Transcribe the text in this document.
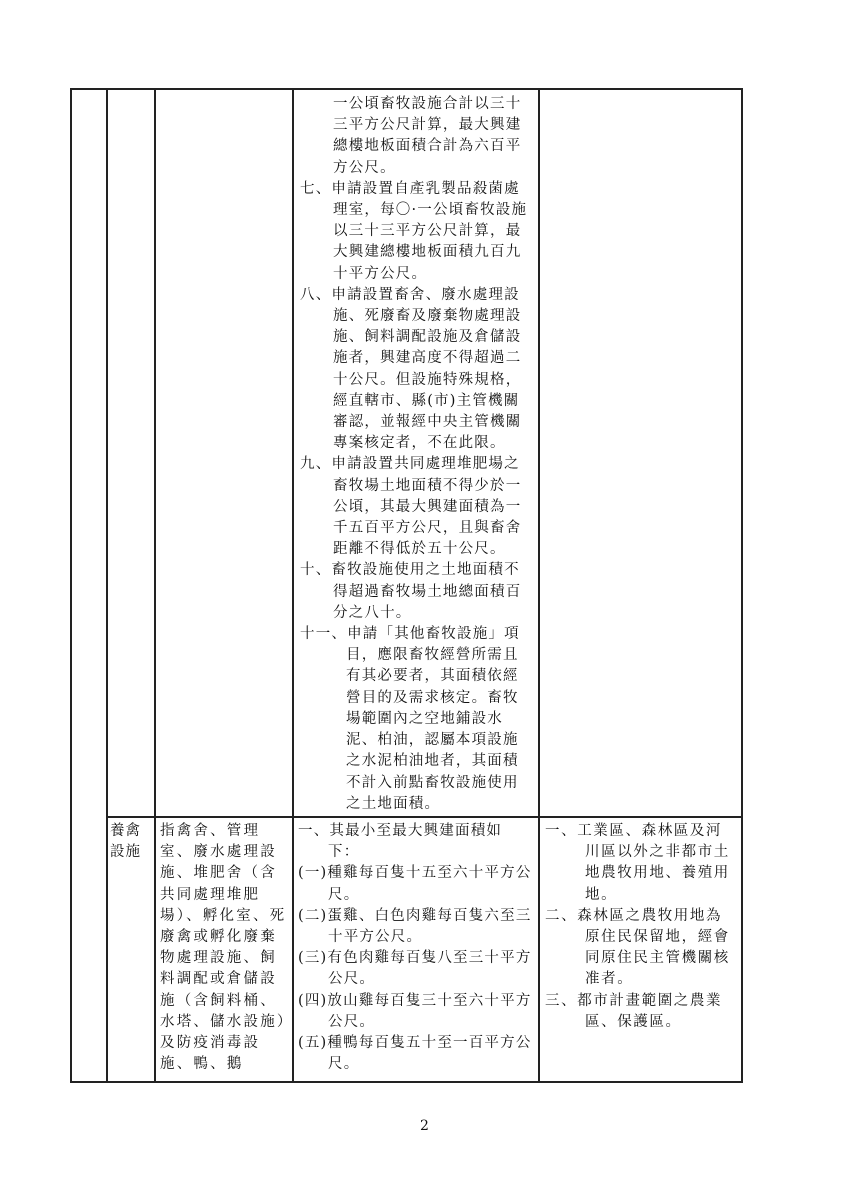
一公頃畜牧設施合計以三十三平方公尺計算，最大興建總樓地板面積合計為六百平方公尺。
七、申請設置自產乳製品殺菌處理室，每〇·一公頃畜牧設施以三十三平方公尺計算，最大興建總樓地板面積九百九十平方公尺。
八、申請設置畜舍、廢水處理設施、死廢畜及廢棄物處理設施、飼料調配設施及倉儲設施者，興建高度不得超過二十公尺。但設施特殊規格，經直轄市、縣(市)主管機關審認，並報經中央主管機關專案核定者，不在此限。
九、申請設置共同處理堆肥場之畜牧場土地面積不得少於一公頃，其最大興建面積為一千五百平方公尺，且與畜舍距離不得低於五十公尺。
十、畜牧設施使用之土地面積不得超過畜牧場土地總面積百分之八十。
十一、申請「其他畜牧設施」項目，應限畜牧經營所需且有其必要者，其面積依經營目的及需求核定。畜牧場範圍內之空地鋪設水泥、柏油，認屬本項設施之水泥柏油地者，其面積不計入前點畜牧設施使用之土地面積。
養禽設施
指禽舍、管理室、廢水處理設施、堆肥舍（含共同處理堆肥場）、孵化室、死廢禽或孵化廢棄物處理設施、飼料調配或倉儲設施（含飼料桶、水塔、儲水設施）及防疫消毒設施、鴨、鵝
一、其最小至最大興建面積如下：
(一)種雞每百隻十五至六十平方公尺。
(二)蛋雞、白色肉雞每百隻六至三十平方公尺。
(三)有色肉雞每百隻八至三十平方公尺。
(四)放山雞每百隻三十至六十平方公尺。
(五)種鴨每百隻五十至一百平方公尺。
一、工業區、森林區及河川區以外之非都市土地農牧用地、養殖用地。
二、森林區之農牧用地為原住民保留地，經會同原住民主管機關核准者。
三、都市計畫範圍之農業區、保護區。
2
